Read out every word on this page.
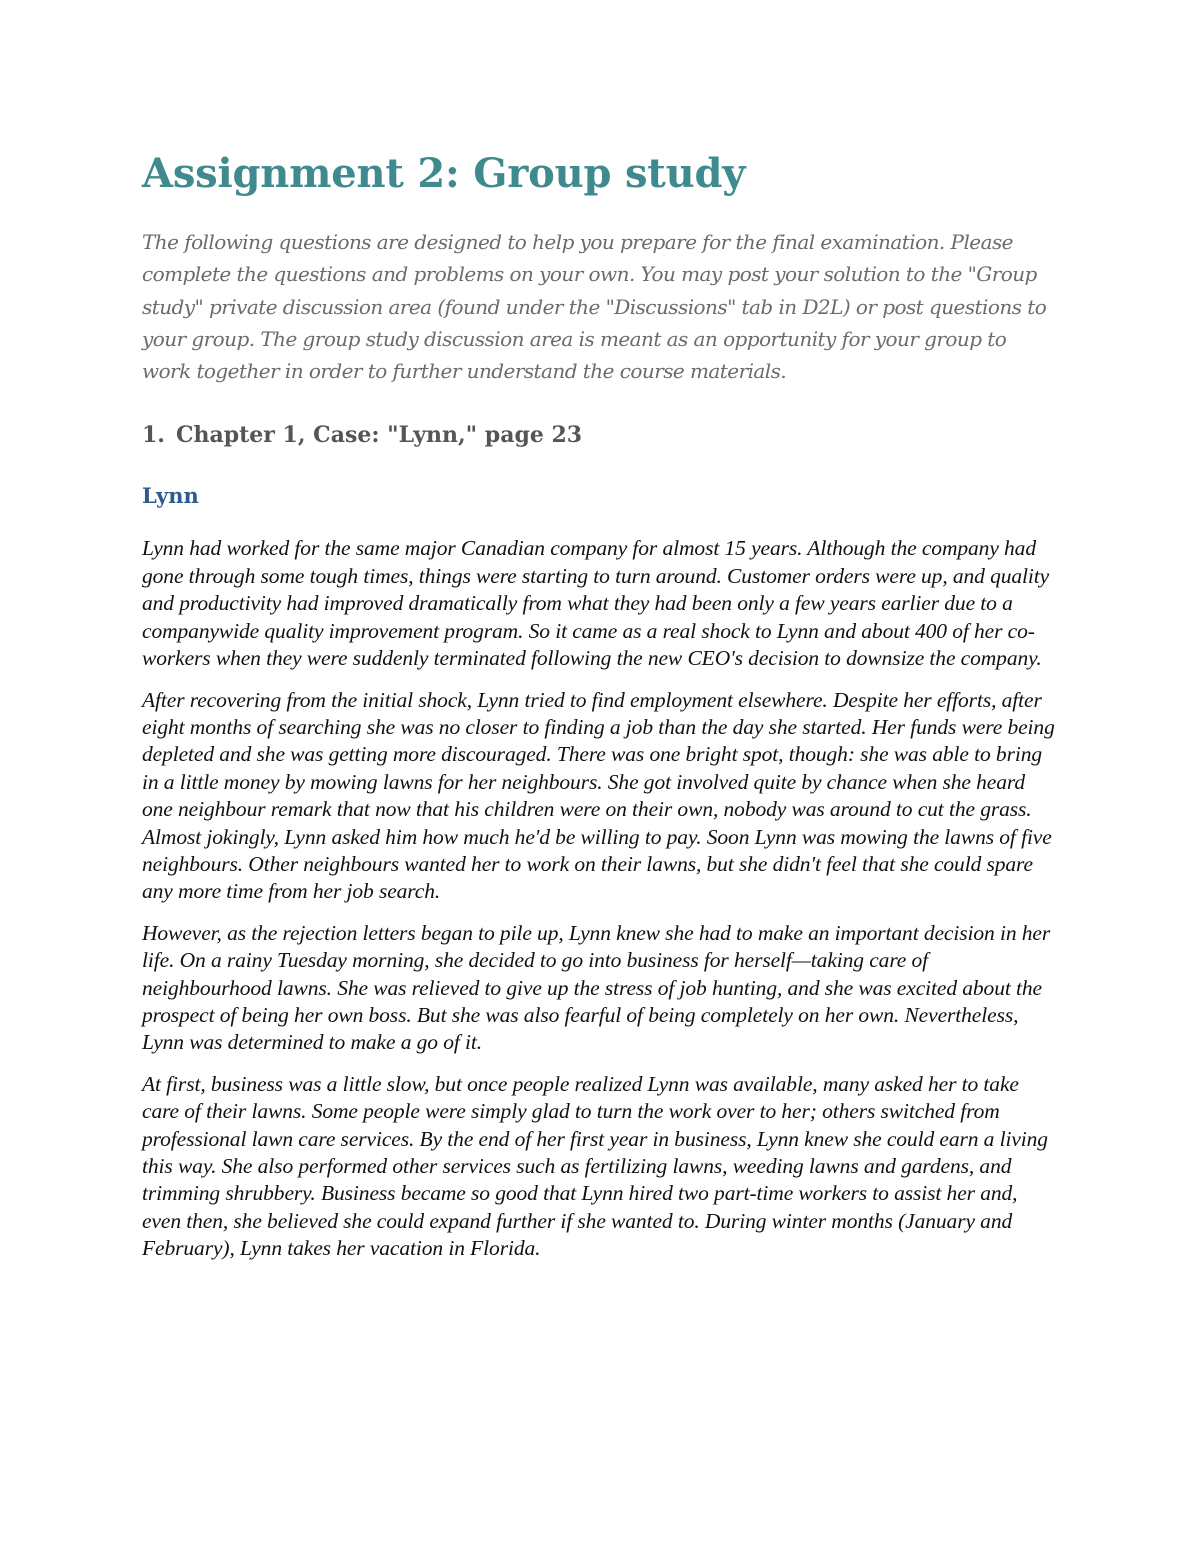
Assignment 2: Group study

The following questions are designed to help you prepare for the final examination. Please complete the questions and problems on your own. You may post your solution to the "Group study" private discussion area (found under the "Discussions" tab in D2L) or post questions to your group. The group study discussion area is meant as an opportunity for your group to work together in order to further understand the course materials.

1. Chapter 1, Case: "Lynn," page 23
Lynn

Lynn had worked for the same major Canadian company for almost 15 years. Although the company had gone through some tough times, things were starting to turn around. Customer orders were up, and quality and productivity had improved dramatically from what they had been only a few years earlier due to a companywide quality improvement program. So it came as a real shock to Lynn and about 400 of her co-workers when they were suddenly terminated following the new CEO's decision to downsize the company.

After recovering from the initial shock, Lynn tried to find employment elsewhere. Despite her efforts, after eight months of searching she was no closer to finding a job than the day she started. Her funds were being depleted and she was getting more discouraged. There was one bright spot, though: she was able to bring in a little money by mowing lawns for her neighbours. She got involved quite by chance when she heard one neighbour remark that now that his children were on their own, nobody was around to cut the grass. Almost jokingly, Lynn asked him how much he'd be willing to pay. Soon Lynn was mowing the lawns of five neighbours. Other neighbours wanted her to work on their lawns, but she didn't feel that she could spare any more time from her job search.

However, as the rejection letters began to pile up, Lynn knew she had to make an important decision in her life. On a rainy Tuesday morning, she decided to go into business for herself—taking care of neighbourhood lawns. She was relieved to give up the stress of job hunting, and she was excited about the prospect of being her own boss. But she was also fearful of being completely on her own. Nevertheless, Lynn was determined to make a go of it.

At first, business was a little slow, but once people realized Lynn was available, many asked her to take care of their lawns. Some people were simply glad to turn the work over to her; others switched from professional lawn care services. By the end of her first year in business, Lynn knew she could earn a living this way. She also performed other services such as fertilizing lawns, weeding lawns and gardens, and trimming shrubbery. Business became so good that Lynn hired two part-time workers to assist her and, even then, she believed she could expand further if she wanted to. During winter months (January and February), Lynn takes her vacation in Florida.
